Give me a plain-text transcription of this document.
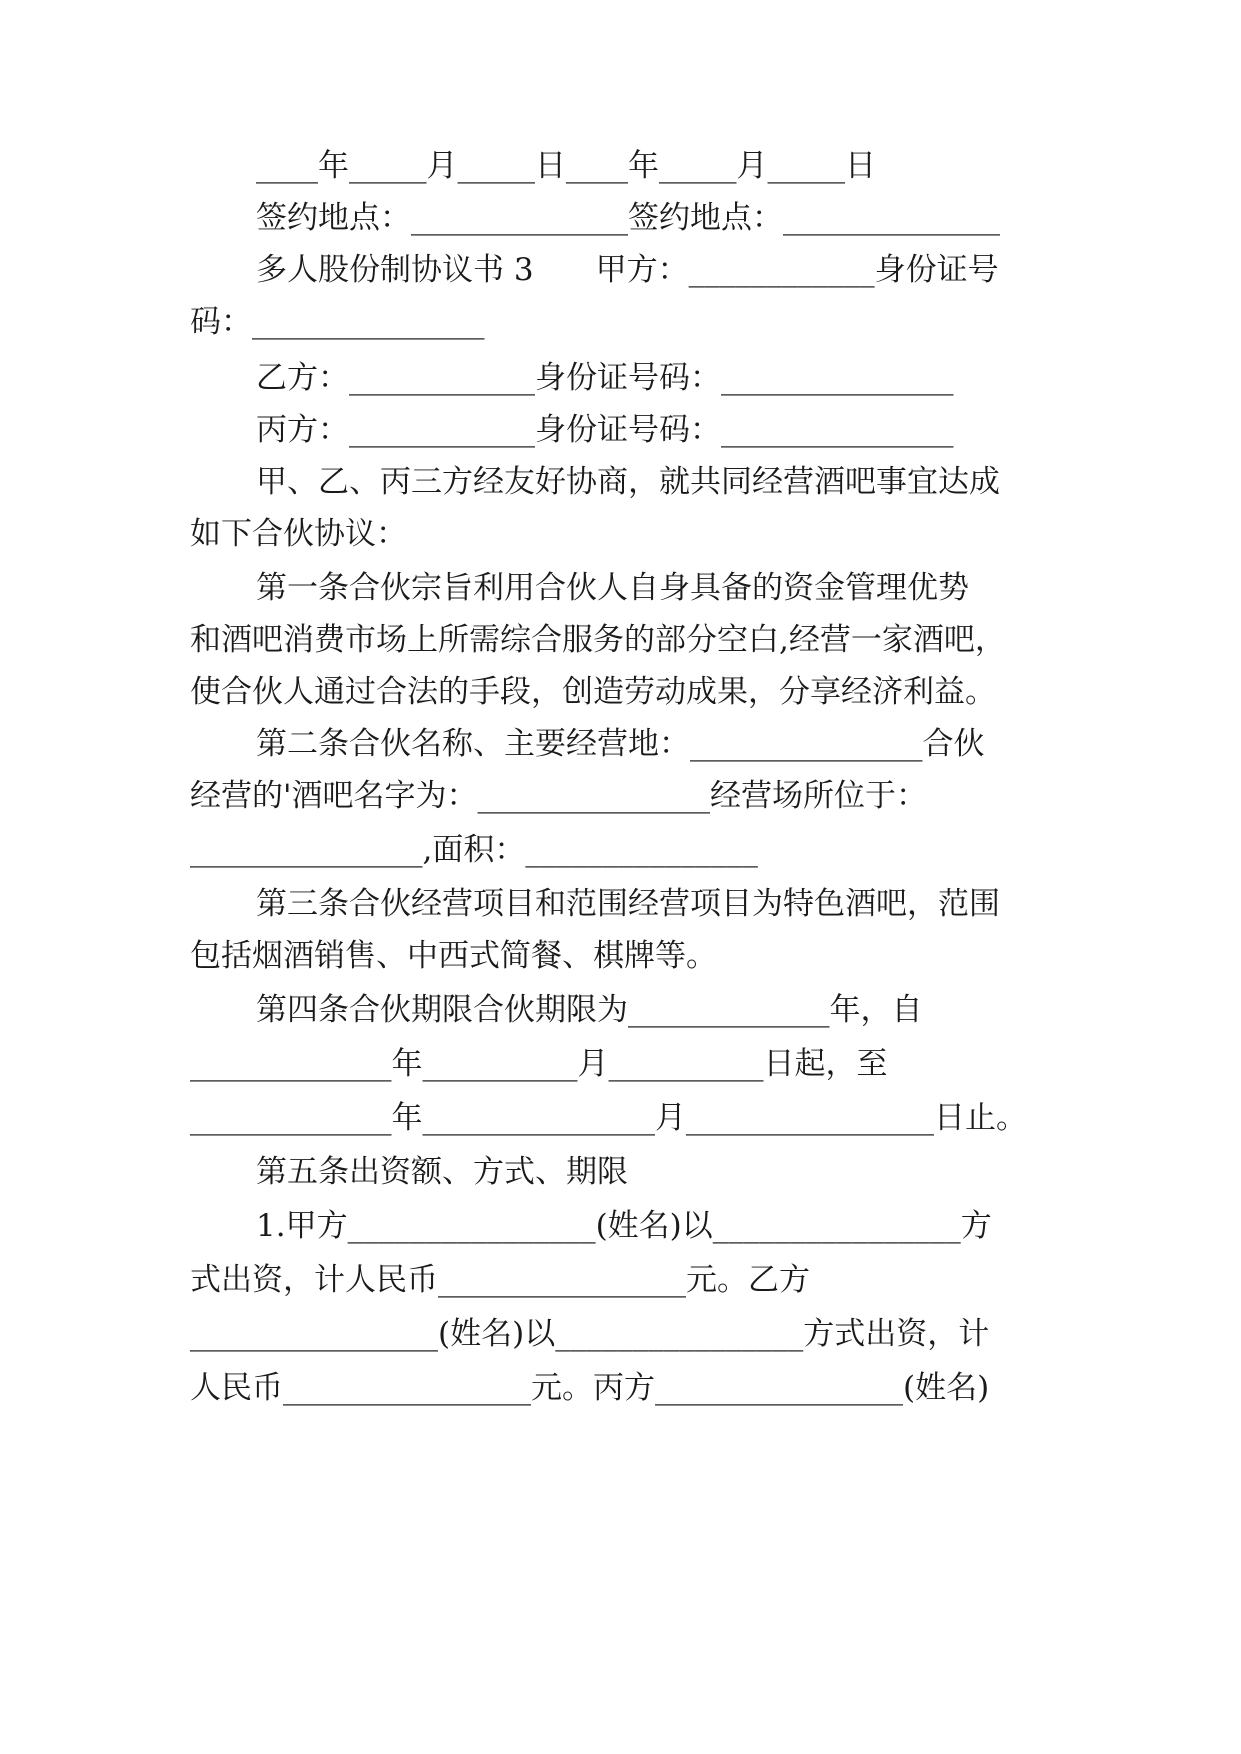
____年_____月_____日____年_____月_____日
签约地点：______________签约地点：______________
多人股份制协议书 3　　甲方：____________身份证号
码：_______________
乙方：____________身份证号码：_______________
丙方：____________身份证号码：_______________
甲、乙、丙三方经友好协商，就共同经营酒吧事宜达成
如下合伙协议：
第一条合伙宗旨利用合伙人自身具备的资金管理优势
和酒吧消费市场上所需综合服务的部分空白,经营一家酒吧，
使合伙人通过合法的手段，创造劳动成果，分享经济利益。
第二条合伙名称、主要经营地：_______________合伙
经营的'酒吧名字为：_______________经营场所位于：
_______________,面积：_______________
第三条合伙经营项目和范围经营项目为特色酒吧，范围
包括烟酒销售、中西式简餐、棋牌等。
第四条合伙期限合伙期限为_____________年，自
_____________年__________月__________日起，至
_____________年_______________月________________日止。
第五条出资额、方式、期限
1.甲方________________(姓名)以________________方
式出资，计人民币________________元。乙方
________________(姓名)以________________方式出资，计
人民币________________元。丙方________________(姓名)
